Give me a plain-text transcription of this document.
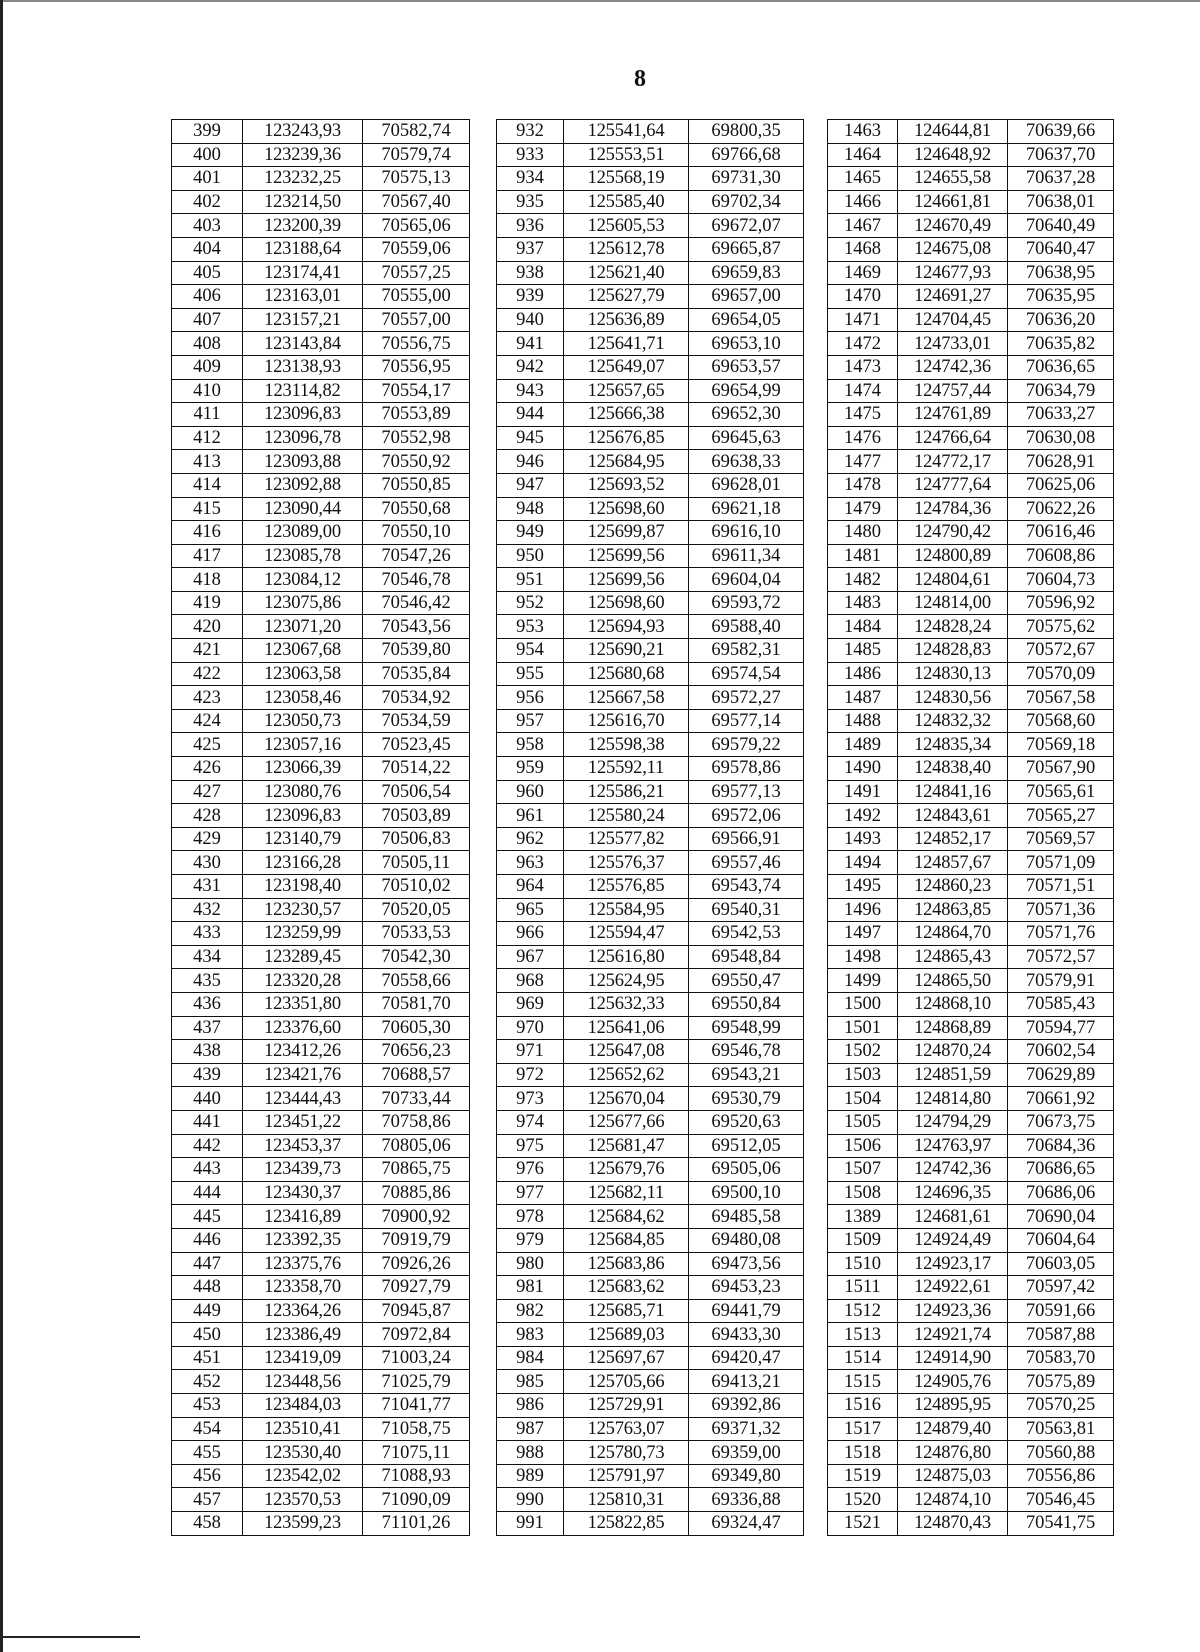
8
399	123243,93	70582,74		932	125541,64	69800,35		1463	124644,81	70639,66
400	123239,36	70579,74		933	125553,51	69766,68		1464	124648,92	70637,70
401	123232,25	70575,13		934	125568,19	69731,30		1465	124655,58	70637,28
402	123214,50	70567,40		935	125585,40	69702,34		1466	124661,81	70638,01
403	123200,39	70565,06		936	125605,53	69672,07		1467	124670,49	70640,49
404	123188,64	70559,06		937	125612,78	69665,87		1468	124675,08	70640,47
405	123174,41	70557,25		938	125621,40	69659,83		1469	124677,93	70638,95
406	123163,01	70555,00		939	125627,79	69657,00		1470	124691,27	70635,95
407	123157,21	70557,00		940	125636,89	69654,05		1471	124704,45	70636,20
408	123143,84	70556,75		941	125641,71	69653,10		1472	124733,01	70635,82
409	123138,93	70556,95		942	125649,07	69653,57		1473	124742,36	70636,65
410	123114,82	70554,17		943	125657,65	69654,99		1474	124757,44	70634,79
411	123096,83	70553,89		944	125666,38	69652,30		1475	124761,89	70633,27
412	123096,78	70552,98		945	125676,85	69645,63		1476	124766,64	70630,08
413	123093,88	70550,92		946	125684,95	69638,33		1477	124772,17	70628,91
414	123092,88	70550,85		947	125693,52	69628,01		1478	124777,64	70625,06
415	123090,44	70550,68		948	125698,60	69621,18		1479	124784,36	70622,26
416	123089,00	70550,10		949	125699,87	69616,10		1480	124790,42	70616,46
417	123085,78	70547,26		950	125699,56	69611,34		1481	124800,89	70608,86
418	123084,12	70546,78		951	125699,56	69604,04		1482	124804,61	70604,73
419	123075,86	70546,42		952	125698,60	69593,72		1483	124814,00	70596,92
420	123071,20	70543,56		953	125694,93	69588,40		1484	124828,24	70575,62
421	123067,68	70539,80		954	125690,21	69582,31		1485	124828,83	70572,67
422	123063,58	70535,84		955	125680,68	69574,54		1486	124830,13	70570,09
423	123058,46	70534,92		956	125667,58	69572,27		1487	124830,56	70567,58
424	123050,73	70534,59		957	125616,70	69577,14		1488	124832,32	70568,60
425	123057,16	70523,45		958	125598,38	69579,22		1489	124835,34	70569,18
426	123066,39	70514,22		959	125592,11	69578,86		1490	124838,40	70567,90
427	123080,76	70506,54		960	125586,21	69577,13		1491	124841,16	70565,61
428	123096,83	70503,89		961	125580,24	69572,06		1492	124843,61	70565,27
429	123140,79	70506,83		962	125577,82	69566,91		1493	124852,17	70569,57
430	123166,28	70505,11		963	125576,37	69557,46		1494	124857,67	70571,09
431	123198,40	70510,02		964	125576,85	69543,74		1495	124860,23	70571,51
432	123230,57	70520,05		965	125584,95	69540,31		1496	124863,85	70571,36
433	123259,99	70533,53		966	125594,47	69542,53		1497	124864,70	70571,76
434	123289,45	70542,30		967	125616,80	69548,84		1498	124865,43	70572,57
435	123320,28	70558,66		968	125624,95	69550,47		1499	124865,50	70579,91
436	123351,80	70581,70		969	125632,33	69550,84		1500	124868,10	70585,43
437	123376,60	70605,30		970	125641,06	69548,99		1501	124868,89	70594,77
438	123412,26	70656,23		971	125647,08	69546,78		1502	124870,24	70602,54
439	123421,76	70688,57		972	125652,62	69543,21		1503	124851,59	70629,89
440	123444,43	70733,44		973	125670,04	69530,79		1504	124814,80	70661,92
441	123451,22	70758,86		974	125677,66	69520,63		1505	124794,29	70673,75
442	123453,37	70805,06		975	125681,47	69512,05		1506	124763,97	70684,36
443	123439,73	70865,75		976	125679,76	69505,06		1507	124742,36	70686,65
444	123430,37	70885,86		977	125682,11	69500,10		1508	124696,35	70686,06
445	123416,89	70900,92		978	125684,62	69485,58		1389	124681,61	70690,04
446	123392,35	70919,79		979	125684,85	69480,08		1509	124924,49	70604,64
447	123375,76	70926,26		980	125683,86	69473,56		1510	124923,17	70603,05
448	123358,70	70927,79		981	125683,62	69453,23		1511	124922,61	70597,42
449	123364,26	70945,87		982	125685,71	69441,79		1512	124923,36	70591,66
450	123386,49	70972,84		983	125689,03	69433,30		1513	124921,74	70587,88
451	123419,09	71003,24		984	125697,67	69420,47		1514	124914,90	70583,70
452	123448,56	71025,79		985	125705,66	69413,21		1515	124905,76	70575,89
453	123484,03	71041,77		986	125729,91	69392,86		1516	124895,95	70570,25
454	123510,41	71058,75		987	125763,07	69371,32		1517	124879,40	70563,81
455	123530,40	71075,11		988	125780,73	69359,00		1518	124876,80	70560,88
456	123542,02	71088,93		989	125791,97	69349,80		1519	124875,03	70556,86
457	123570,53	71090,09		990	125810,31	69336,88		1520	124874,10	70546,45
458	123599,23	71101,26		991	125822,85	69324,47		1521	124870,43	70541,75
